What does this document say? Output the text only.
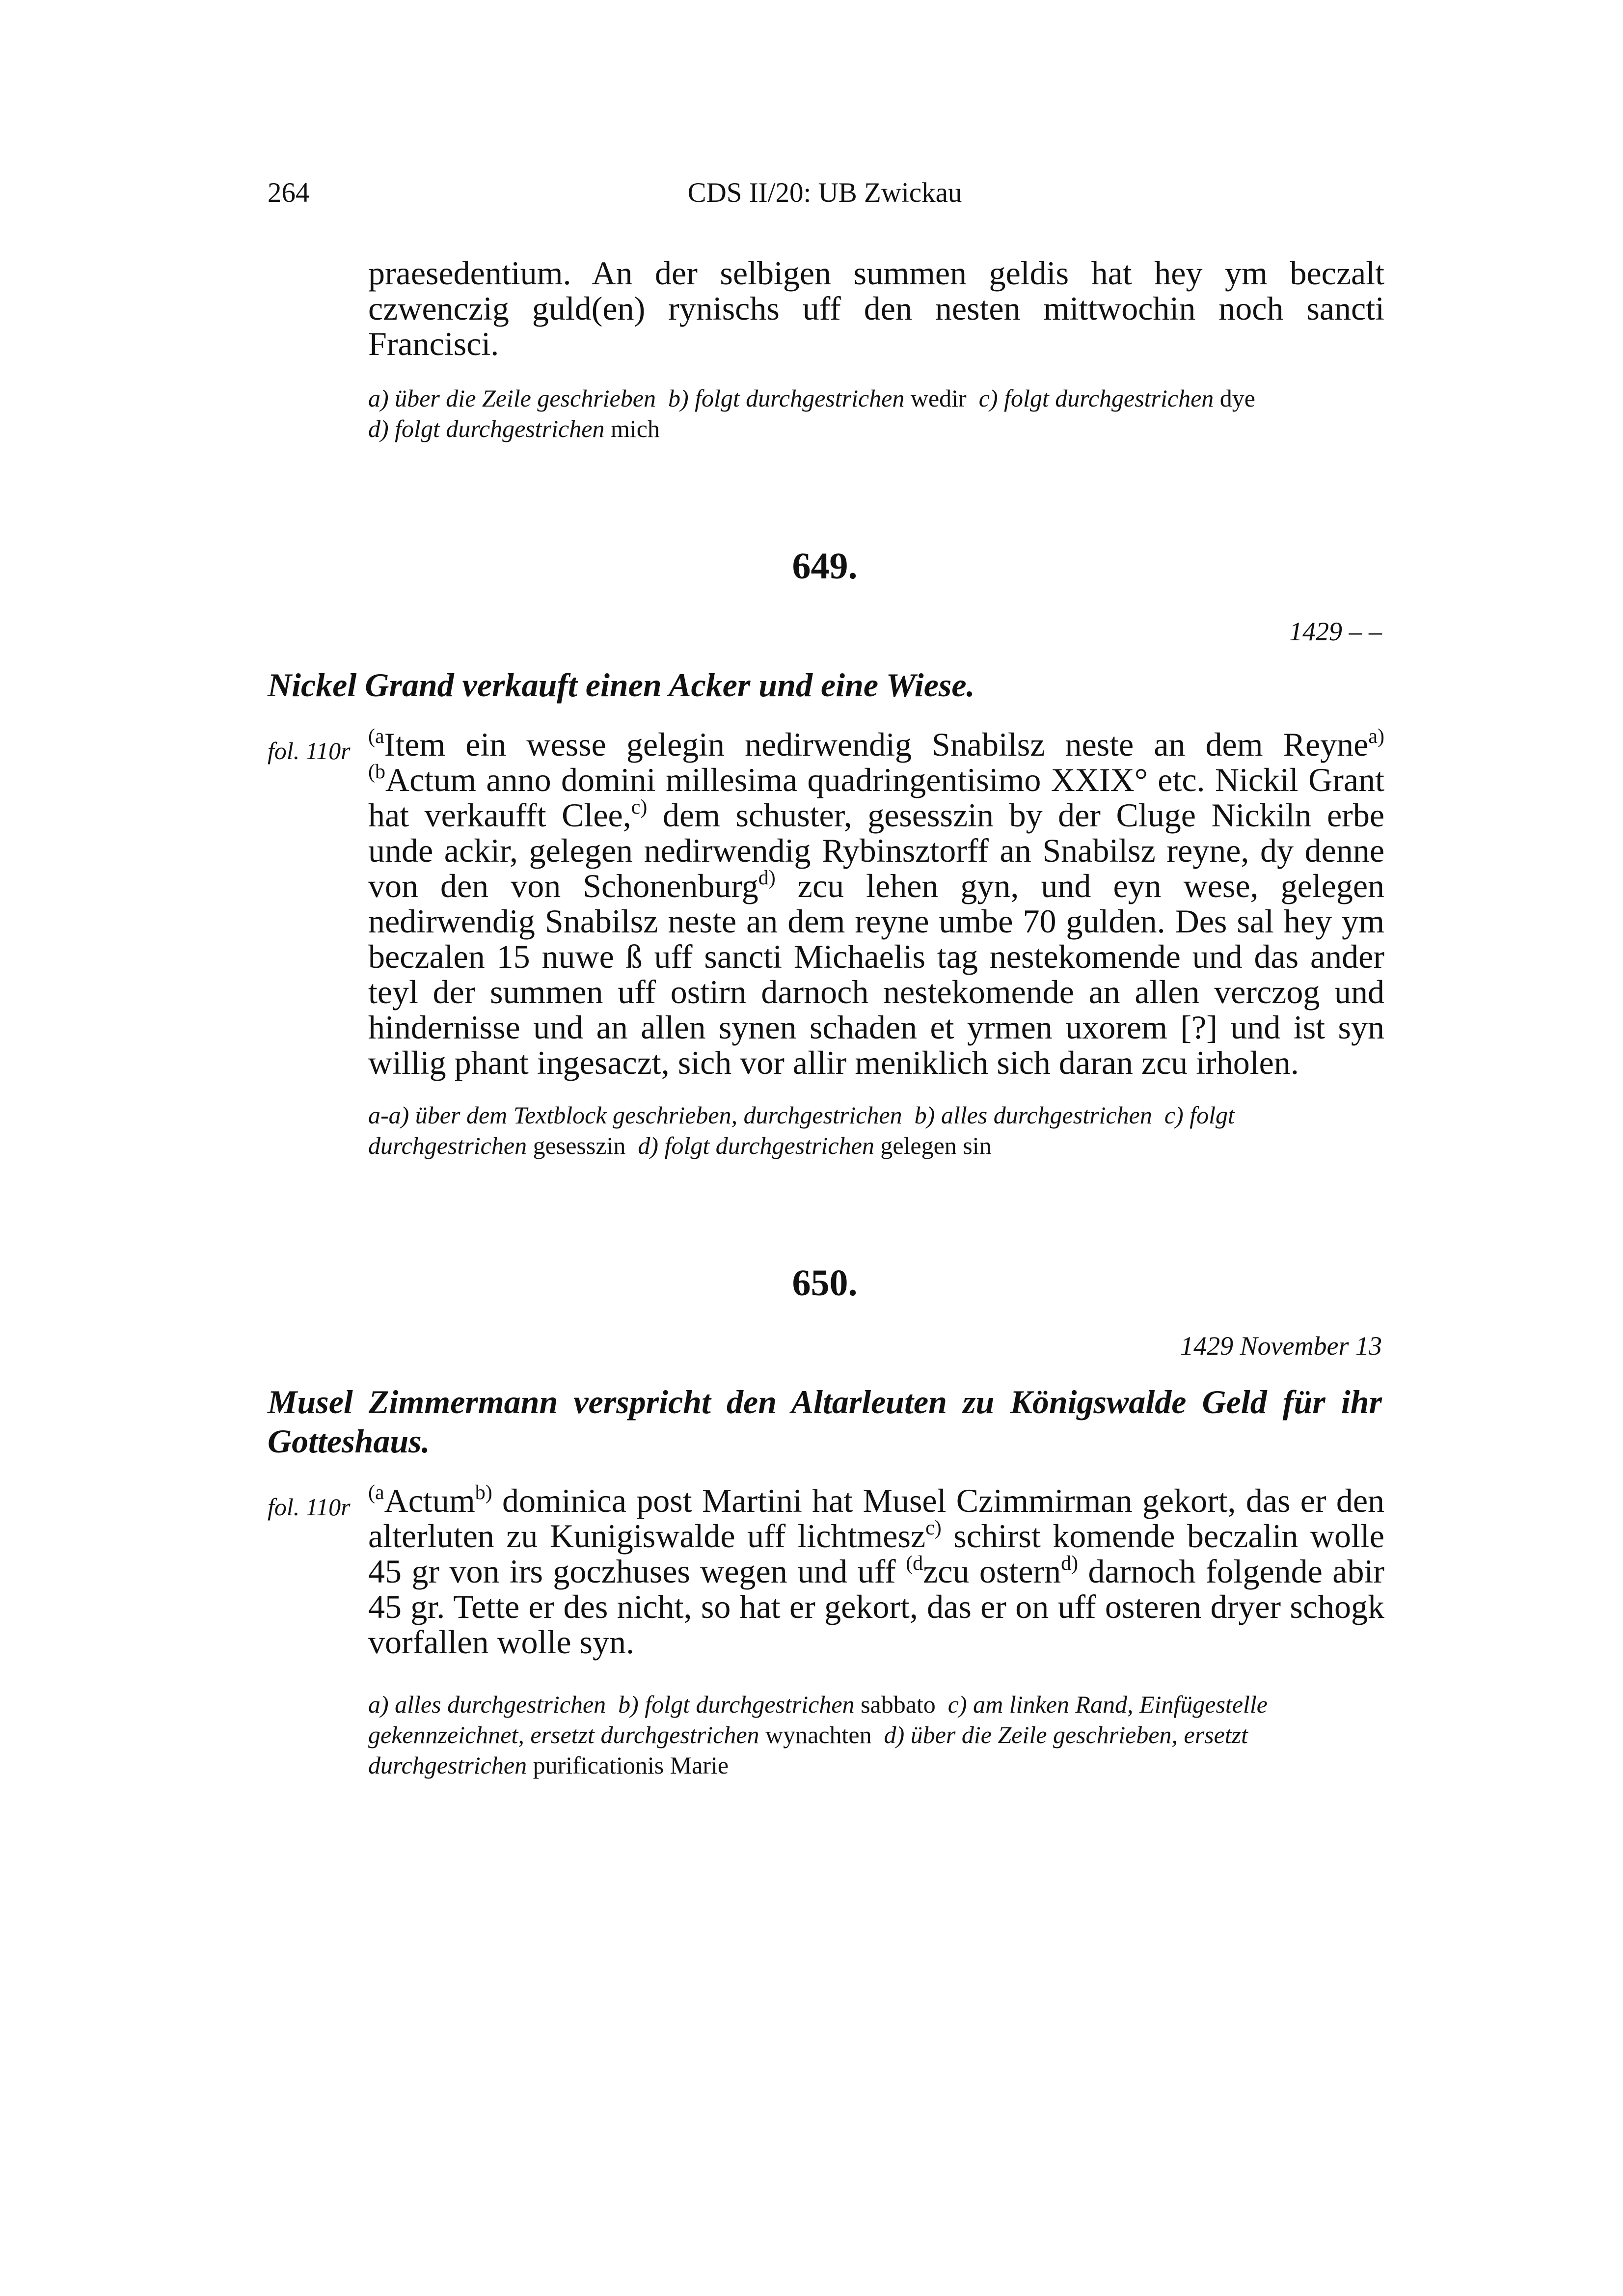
264	CDS II/20: UB Zwickau
praesedentium. An der selbigen summen geldis hat hey ym beczalt czwenczig guld(en) rynischs uff den nesten mittwochin noch sancti Francisci.
a) über die Zeile geschrieben b) folgt durchgestrichen wedir c) folgt durchgestrichen dye
d) folgt durchgestrichen mich
649.
1429 – –
Nickel Grand verkauft einen Acker und eine Wiese.
fol. 110r
$^{(a}$Item ein wesse gelegin nedirwendig Snabilsz neste an dem Reyne$^{a)}$ $^{(b}$Actum anno domini millesima quadringentisimo XXIX° etc. Nickil Grant hat verkaufft Clee,$^{c)}$ dem schuster, gesesszin by der Cluge Nickiln erbe unde ackir, gelegen nedirwendig Rybinsztorff an Snabilsz reyne, dy denne von den von Schonenburg$^{d)}$ zcu lehen gyn, und eyn wese, gelegen nedirwendig Snabilsz neste an dem reyne umbe 70 gulden. Des sal hey ym beczalen 15 nuwe ß uff sancti Michaelis tag nestekomende und das ander teyl der summen uff ostirn darnoch nestekomende an allen verczog und hindernisse und an allen synen schaden et yrmen uxorem [?] und ist syn willig phant ingesaczt, sich vor allir meniklich sich daran zcu irholen.
a-a) über dem Textblock geschrieben, durchgestrichen b) alles durchgestrichen c) folgt durchgestrichen gesesszin d) folgt durchgestrichen gelegen sin
650.
1429 November 13
Musel Zimmermann verspricht den Altarleuten zu Königswalde Geld für ihr Gotteshaus.
fol. 110r
$^{(a}$Actum$^{b)}$ dominica post Martini hat Musel Czimmirman gekort, das er den alterluten zu Kunigiswalde uff lichtmesz$^{c)}$ schirst komende beczalin wolle 45 gr von irs goczhuses wegen und uff $^{(d}$zcu ostern$^{d)}$ darnoch folgende abir 45 gr. Tette er des nicht, so hat er gekort, das er on uff osteren dryer schogk vorfallen wolle syn.
a) alles durchgestrichen b) folgt durchgestrichen sabbato c) am linken Rand, Einfügestelle gekennzeichnet, ersetzt durchgestrichen wynachten d) über die Zeile geschrieben, ersetzt durchgestrichen purificationis Marie
